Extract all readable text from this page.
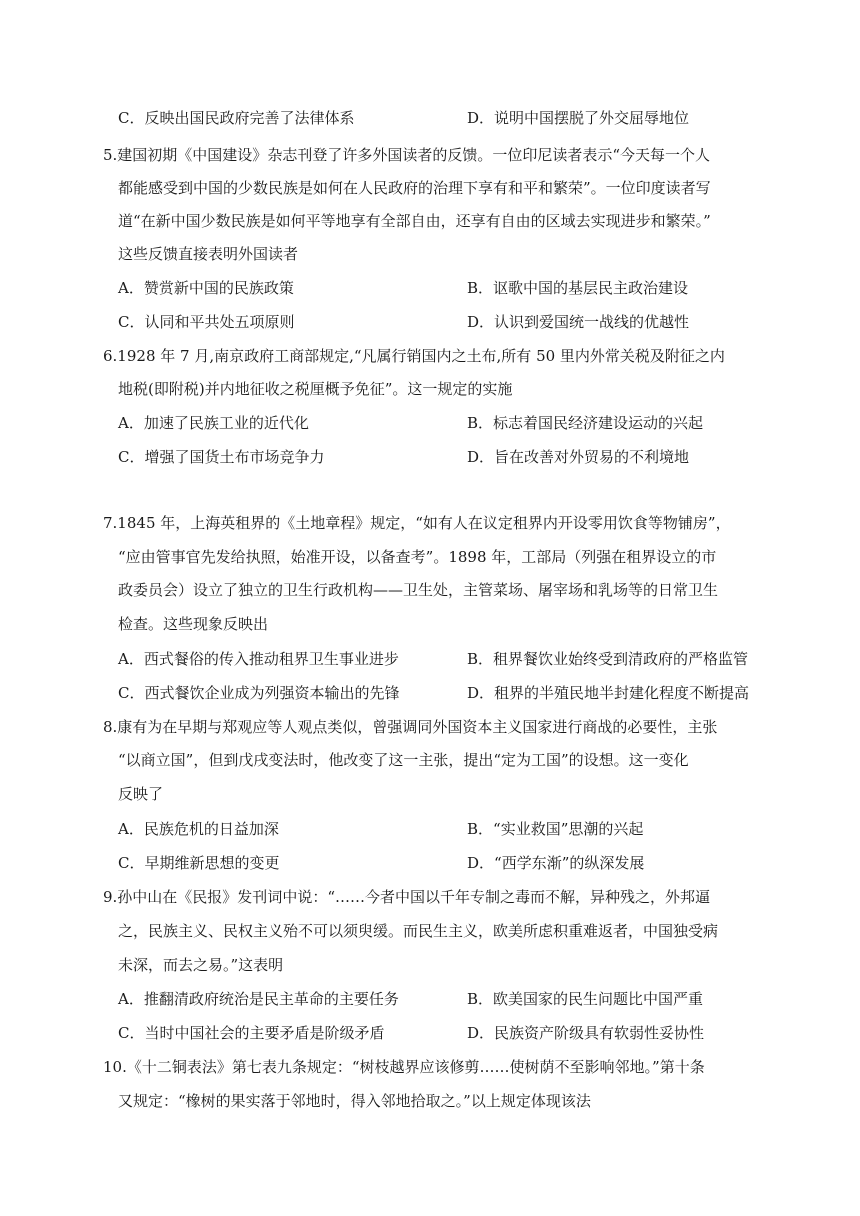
C．反映出国民政府完善了法律体系	D．说明中国摆脱了外交屈辱地位
5.建国初期《中国建设》杂志刊登了许多外国读者的反馈。一位印尼读者表示“今天每一个人
都能感受到中国的少数民族是如何在人民政府的治理下享有和平和繁荣”。一位印度读者写
道“在新中国少数民族是如何平等地享有全部自由，还享有自由的区域去实现进步和繁荣。”
这些反馈直接表明外国读者
A．赞赏新中国的民族政策	B．讴歌中国的基层民主政治建设
C．认同和平共处五项原则	D．认识到爱国统一战线的优越性
6.1928 年 7 月,南京政府工商部规定,“凡属行销国内之土布,所有 50 里内外常关税及附征之内
地税(即附税)并内地征收之税厘概予免征”。这一规定的实施
A．加速了民族工业的近代化	B．标志着国民经济建设运动的兴起
C．增强了国货土布市场竞争力	D．旨在改善对外贸易的不利境地
7.1845 年，上海英租界的《土地章程》规定，“如有人在议定租界内开设零用饮食等物铺房”，
“应由管事官先发给执照，始准开设，以备查考”。1898 年，工部局（列强在租界设立的市
政委员会）设立了独立的卫生行政机构——卫生处，主管菜场、屠宰场和乳场等的日常卫生
检查。这些现象反映出
A．西式餐俗的传入推动租界卫生事业进步	B．租界餐饮业始终受到清政府的严格监管
C．西式餐饮企业成为列强资本输出的先锋	D．租界的半殖民地半封建化程度不断提高
8.康有为在早期与郑观应等人观点类似，曾强调同外国资本主义国家进行商战的必要性，主张
“以商立国”，但到戊戌变法时，他改变了这一主张，提出“定为工国”的设想。这一变化
反映了
A．民族危机的日益加深	B．“实业救国”思潮的兴起
C．早期维新思想的变更	D．“西学东渐”的纵深发展
9.孙中山在《民报》发刊词中说：“……今者中国以千年专制之毒而不解，异种残之，外邦逼
之，民族主义、民权主义殆不可以须臾缓。而民生主义，欧美所虑积重难返者，中国独受病
未深，而去之易。”这表明
A．推翻清政府统治是民主革命的主要任务	B．欧美国家的民生问题比中国严重
C．当时中国社会的主要矛盾是阶级矛盾	D．民族资产阶级具有软弱性妥协性
10.《十二铜表法》第七表九条规定：“树枝越界应该修剪……使树荫不至影响邻地。”第十条
又规定：“橡树的果实落于邻地时，得入邻地拾取之。”以上规定体现该法
